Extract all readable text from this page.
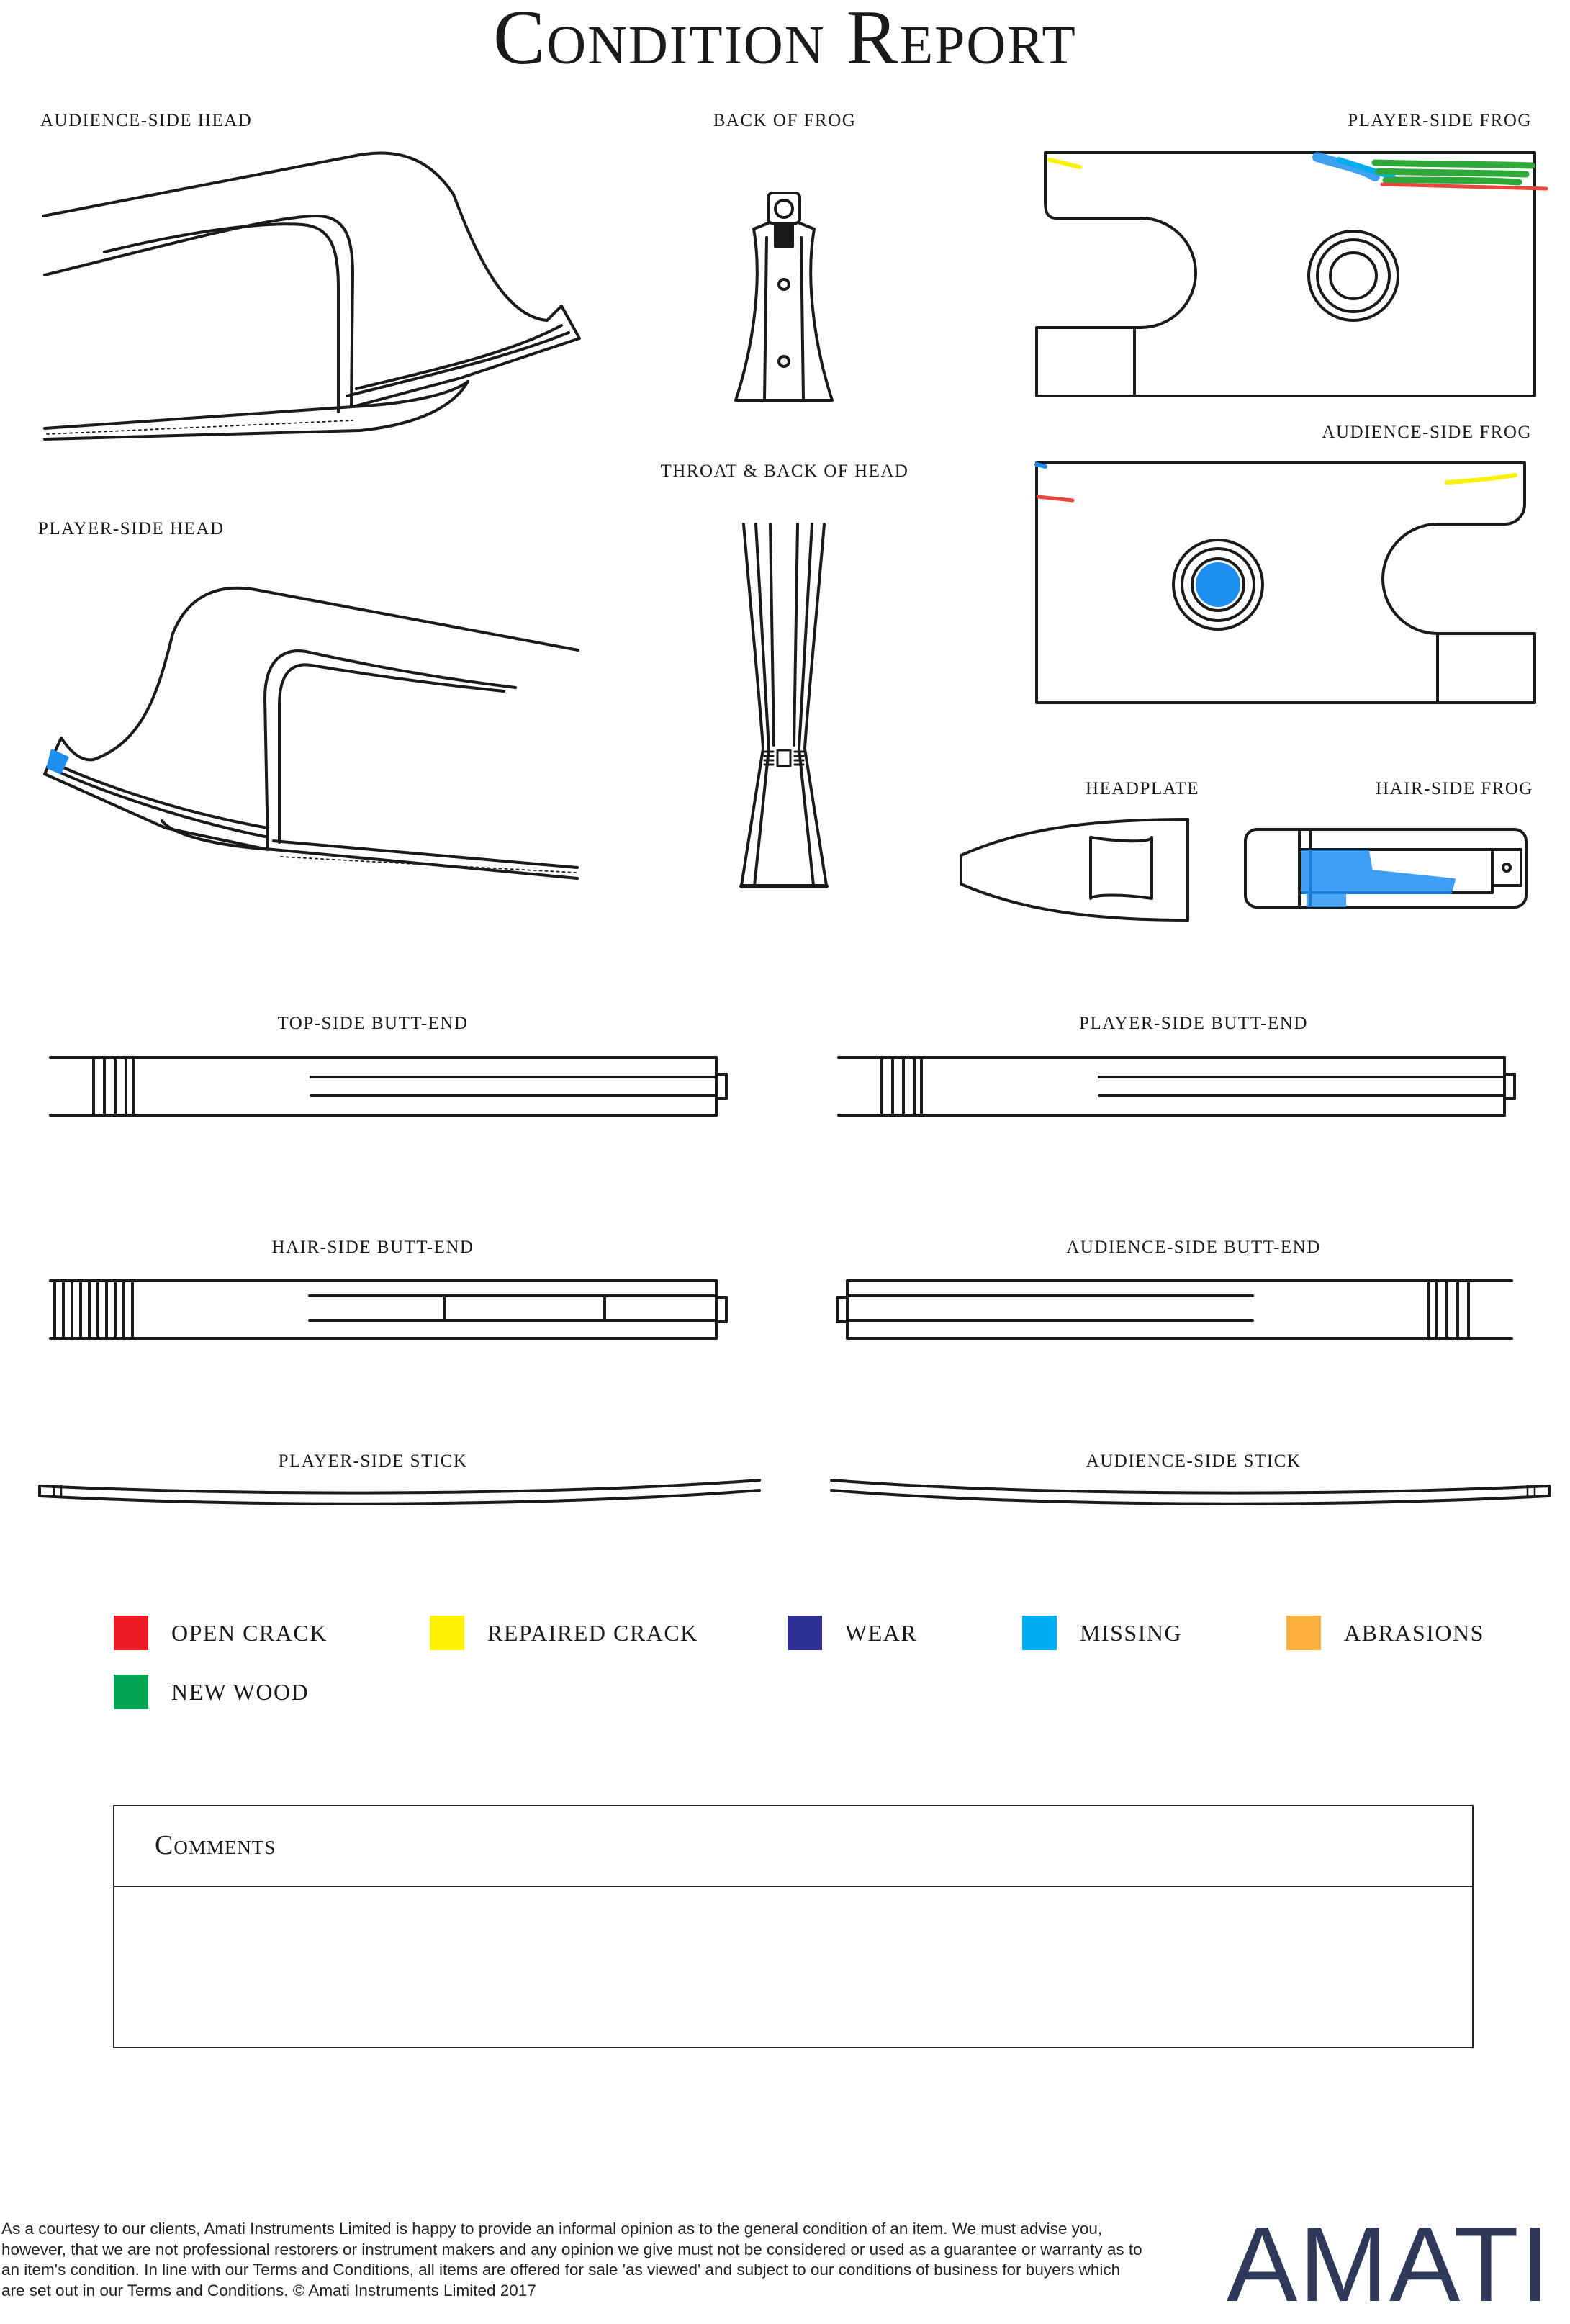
Condition Report
AUDIENCE-SIDE HEAD	BACK OF FROG	PLAYER-SIDE FROG
AUDIENCE-SIDE FROG
THROAT & BACK OF HEAD
PLAYER-SIDE HEAD
HEADPLATE	HAIR-SIDE FROG
TOP-SIDE BUTT-END	PLAYER-SIDE BUTT-END
HAIR-SIDE BUTT-END	AUDIENCE-SIDE BUTT-END
PLAYER-SIDE STICK	AUDIENCE-SIDE STICK
OPEN CRACK	REPAIRED CRACK	WEAR	MISSING	ABRASIONS
NEW WOOD
Comments
As a courtesy to our clients, Amati Instruments Limited is happy to provide an informal opinion as to the general condition of an item. We must advise you, however, that we are not professional restorers or instrument makers and any opinion we give must not be considered or used as a guarantee or warranty as to an item's condition. In line with our Terms and Conditions, all items are offered for sale 'as viewed' and subject to our conditions of business for buyers which are set out in our Terms and Conditions. © Amati Instruments Limited 2017	AMATI
